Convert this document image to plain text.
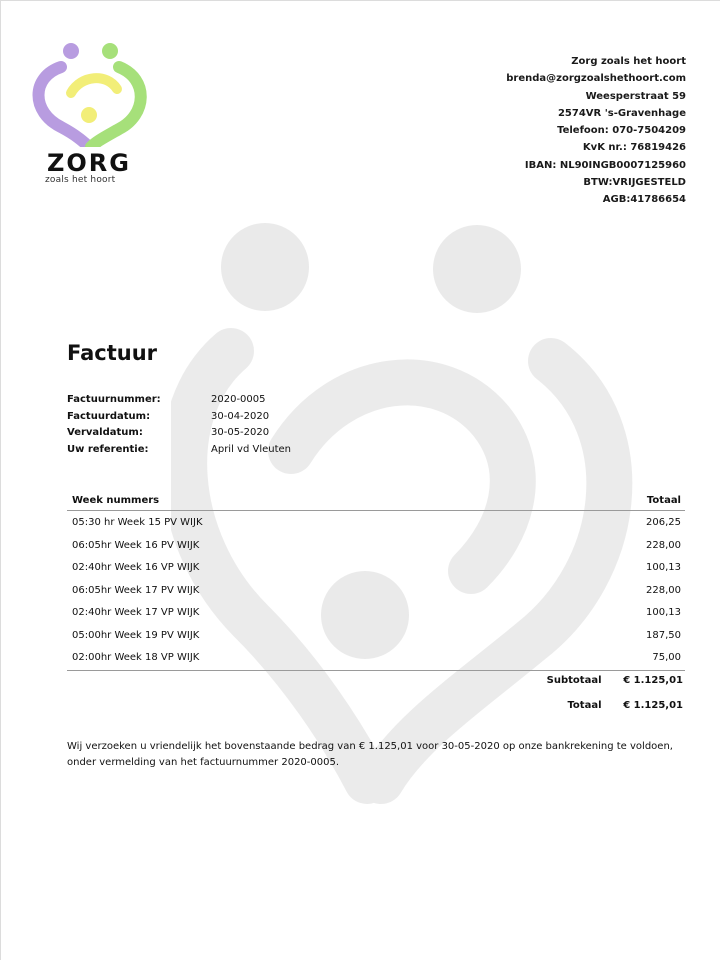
ZORG
zoals het hoort
Zorg zoals het hoort
brenda@zorgzoalshethoort.com
Weesperstraat 59
2574VR 's-Gravenhage
Telefoon: 070-7504209
KvK nr.: 76819426
IBAN: NL90INGB0007125960
BTW:VRIJGESTELD
AGB:41786654
Factuur
Factuurnummer:	2020-0005
Factuurdatum:	30-04-2020
Vervaldatum:	30-05-2020
Uw referentie:	April vd Vleuten
Week nummers	Totaal
05:30 hr Week 15 PV WIJK	206,25
06:05hr Week 16 PV WIJK	228,00
02:40hr Week 16 VP WIJK	100,13
06:05hr Week 17 PV WIJK	228,00
02:40hr Week 17 VP WIJK	100,13
05:00hr Week 19 PV WIJK	187,50
02:00hr Week 18 VP WIJK	75,00
Subtotaal € 1.125,01
Totaal € 1.125,01
Wij verzoeken u vriendelijk het bovenstaande bedrag van € 1.125,01 voor 30-05-2020 op onze bankrekening te voldoen,
onder vermelding van het factuurnummer 2020-0005.
